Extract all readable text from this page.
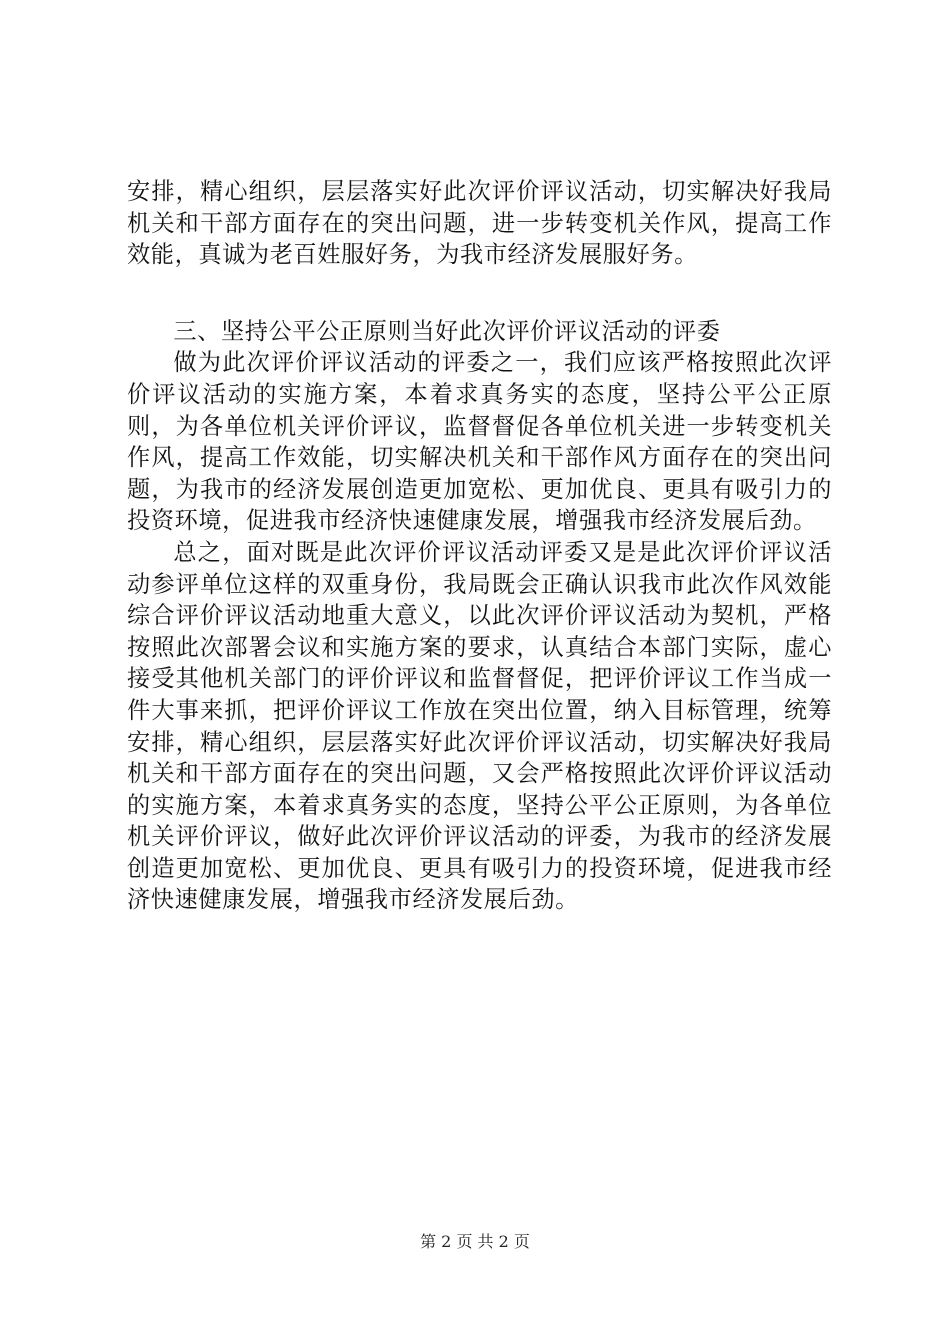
安排，精心组织，层层落实好此次评价评议活动，切实解决好我局机关和干部方面存在的突出问题，进一步转变机关作风，提高工作效能，真诚为老百姓服好务，为我市经济发展服好务。

三、坚持公平公正原则当好此次评价评议活动的评委

做为此次评价评议活动的评委之一，我们应该严格按照此次评价评议活动的实施方案，本着求真务实的态度，坚持公平公正原则，为各单位机关评价评议，监督督促各单位机关进一步转变机关作风，提高工作效能，切实解决机关和干部作风方面存在的突出问题，为我市的经济发展创造更加宽松、更加优良、更具有吸引力的投资环境，促进我市经济快速健康发展，增强我市经济发展后劲。

总之，面对既是此次评价评议活动评委又是是此次评价评议活动参评单位这样的双重身份，我局既会正确认识我市此次作风效能综合评价评议活动地重大意义，以此次评价评议活动为契机，严格按照此次部署会议和实施方案的要求，认真结合本部门实际，虚心接受其他机关部门的评价评议和监督督促，把评价评议工作当成一件大事来抓，把评价评议工作放在突出位置，纳入目标管理，统筹安排，精心组织，层层落实好此次评价评议活动，切实解决好我局机关和干部方面存在的突出问题，又会严格按照此次评价评议活动的实施方案，本着求真务实的态度，坚持公平公正原则，为各单位机关评价评议，做好此次评价评议活动的评委，为我市的经济发展创造更加宽松、更加优良、更具有吸引力的投资环境，促进我市经济快速健康发展，增强我市经济发展后劲。

第 2 页 共 2 页
